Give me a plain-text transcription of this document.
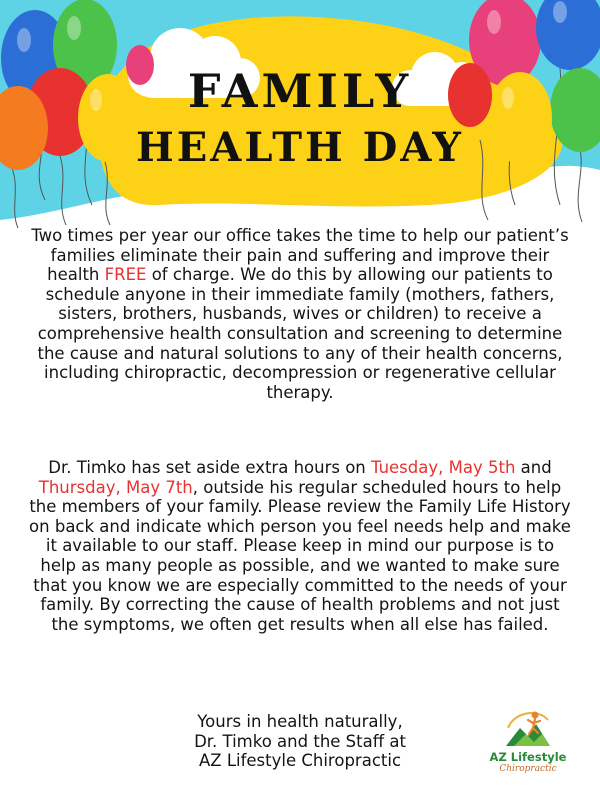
FAMILY
HEALTH DAY
Two times per year our office takes the time to help our patient’s families eliminate their pain and suffering and improve their health FREE of charge. We do this by allowing our patients to schedule anyone in their immediate family (mothers, fathers, sisters, brothers, husbands, wives or children) to receive a comprehensive health consultation and screening to determine the cause and natural solutions to any of their health concerns, including chiropractic, decompression or regenerative cellular therapy.
Dr. Timko has set aside extra hours on Tuesday, May 5th and Thursday, May 7th, outside his regular scheduled hours to help the members of your family. Please review the Family Life History on back and indicate which person you feel needs help and make it available to our staff. Please keep in mind our purpose is to help as many people as possible, and we wanted to make sure that you know we are especially committed to the needs of your family. By correcting the cause of health problems and not just the symptoms, we often get results when all else has failed.
Yours in health naturally,
Dr. Timko and the Staff at
AZ Lifestyle Chiropractic	AZ Lifestyle
Chiropractic
